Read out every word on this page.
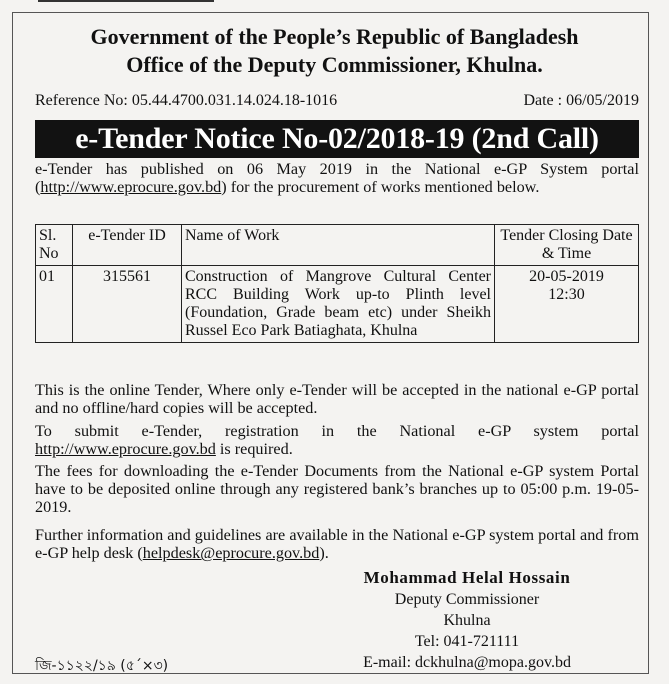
Government of the People’s Republic of Bangladesh
Office of the Deputy Commissioner, Khulna.
Reference No: 05.44.4700.031.14.024.18-1016	Date : 06/05/2019
e-Tender Notice No-02/2018-19 (2nd Call)
e-Tender has published on 06 May 2019 in the National e-GP System portal (http://www.eprocure.gov.bd) for the procurement of works mentioned below.
Sl. No	e-Tender ID	Name of Work	Tender Closing Date & Time
01	315561	Construction of Mangrove Cultural Center RCC Building Work up-to Plinth level (Foundation, Grade beam etc) under Sheikh Russel Eco Park Batiaghata, Khulna	20-05-2019
12:30
This is the online Tender, Where only e-Tender will be accepted in the national e-GP portal and no offline/hard copies will be accepted.
To submit e-Tender, registration in the National e-GP system portal http://www.eprocure.gov.bd is required.
The fees for downloading the e-Tender Documents from the National e-GP system Portal have to be deposited online through any registered bank’s branches up to 05:00 p.m. 19-05-2019.
Further information and guidelines are available in the National e-GP system portal and from e-GP help desk (helpdesk@eprocure.gov.bd).
Mohammad Helal Hossain
Deputy Commissioner
Khulna
Tel: 041-721111
E-mail: dckhulna@mopa.gov.bd
জি-১১২২/১৯ (৫´×৩)
